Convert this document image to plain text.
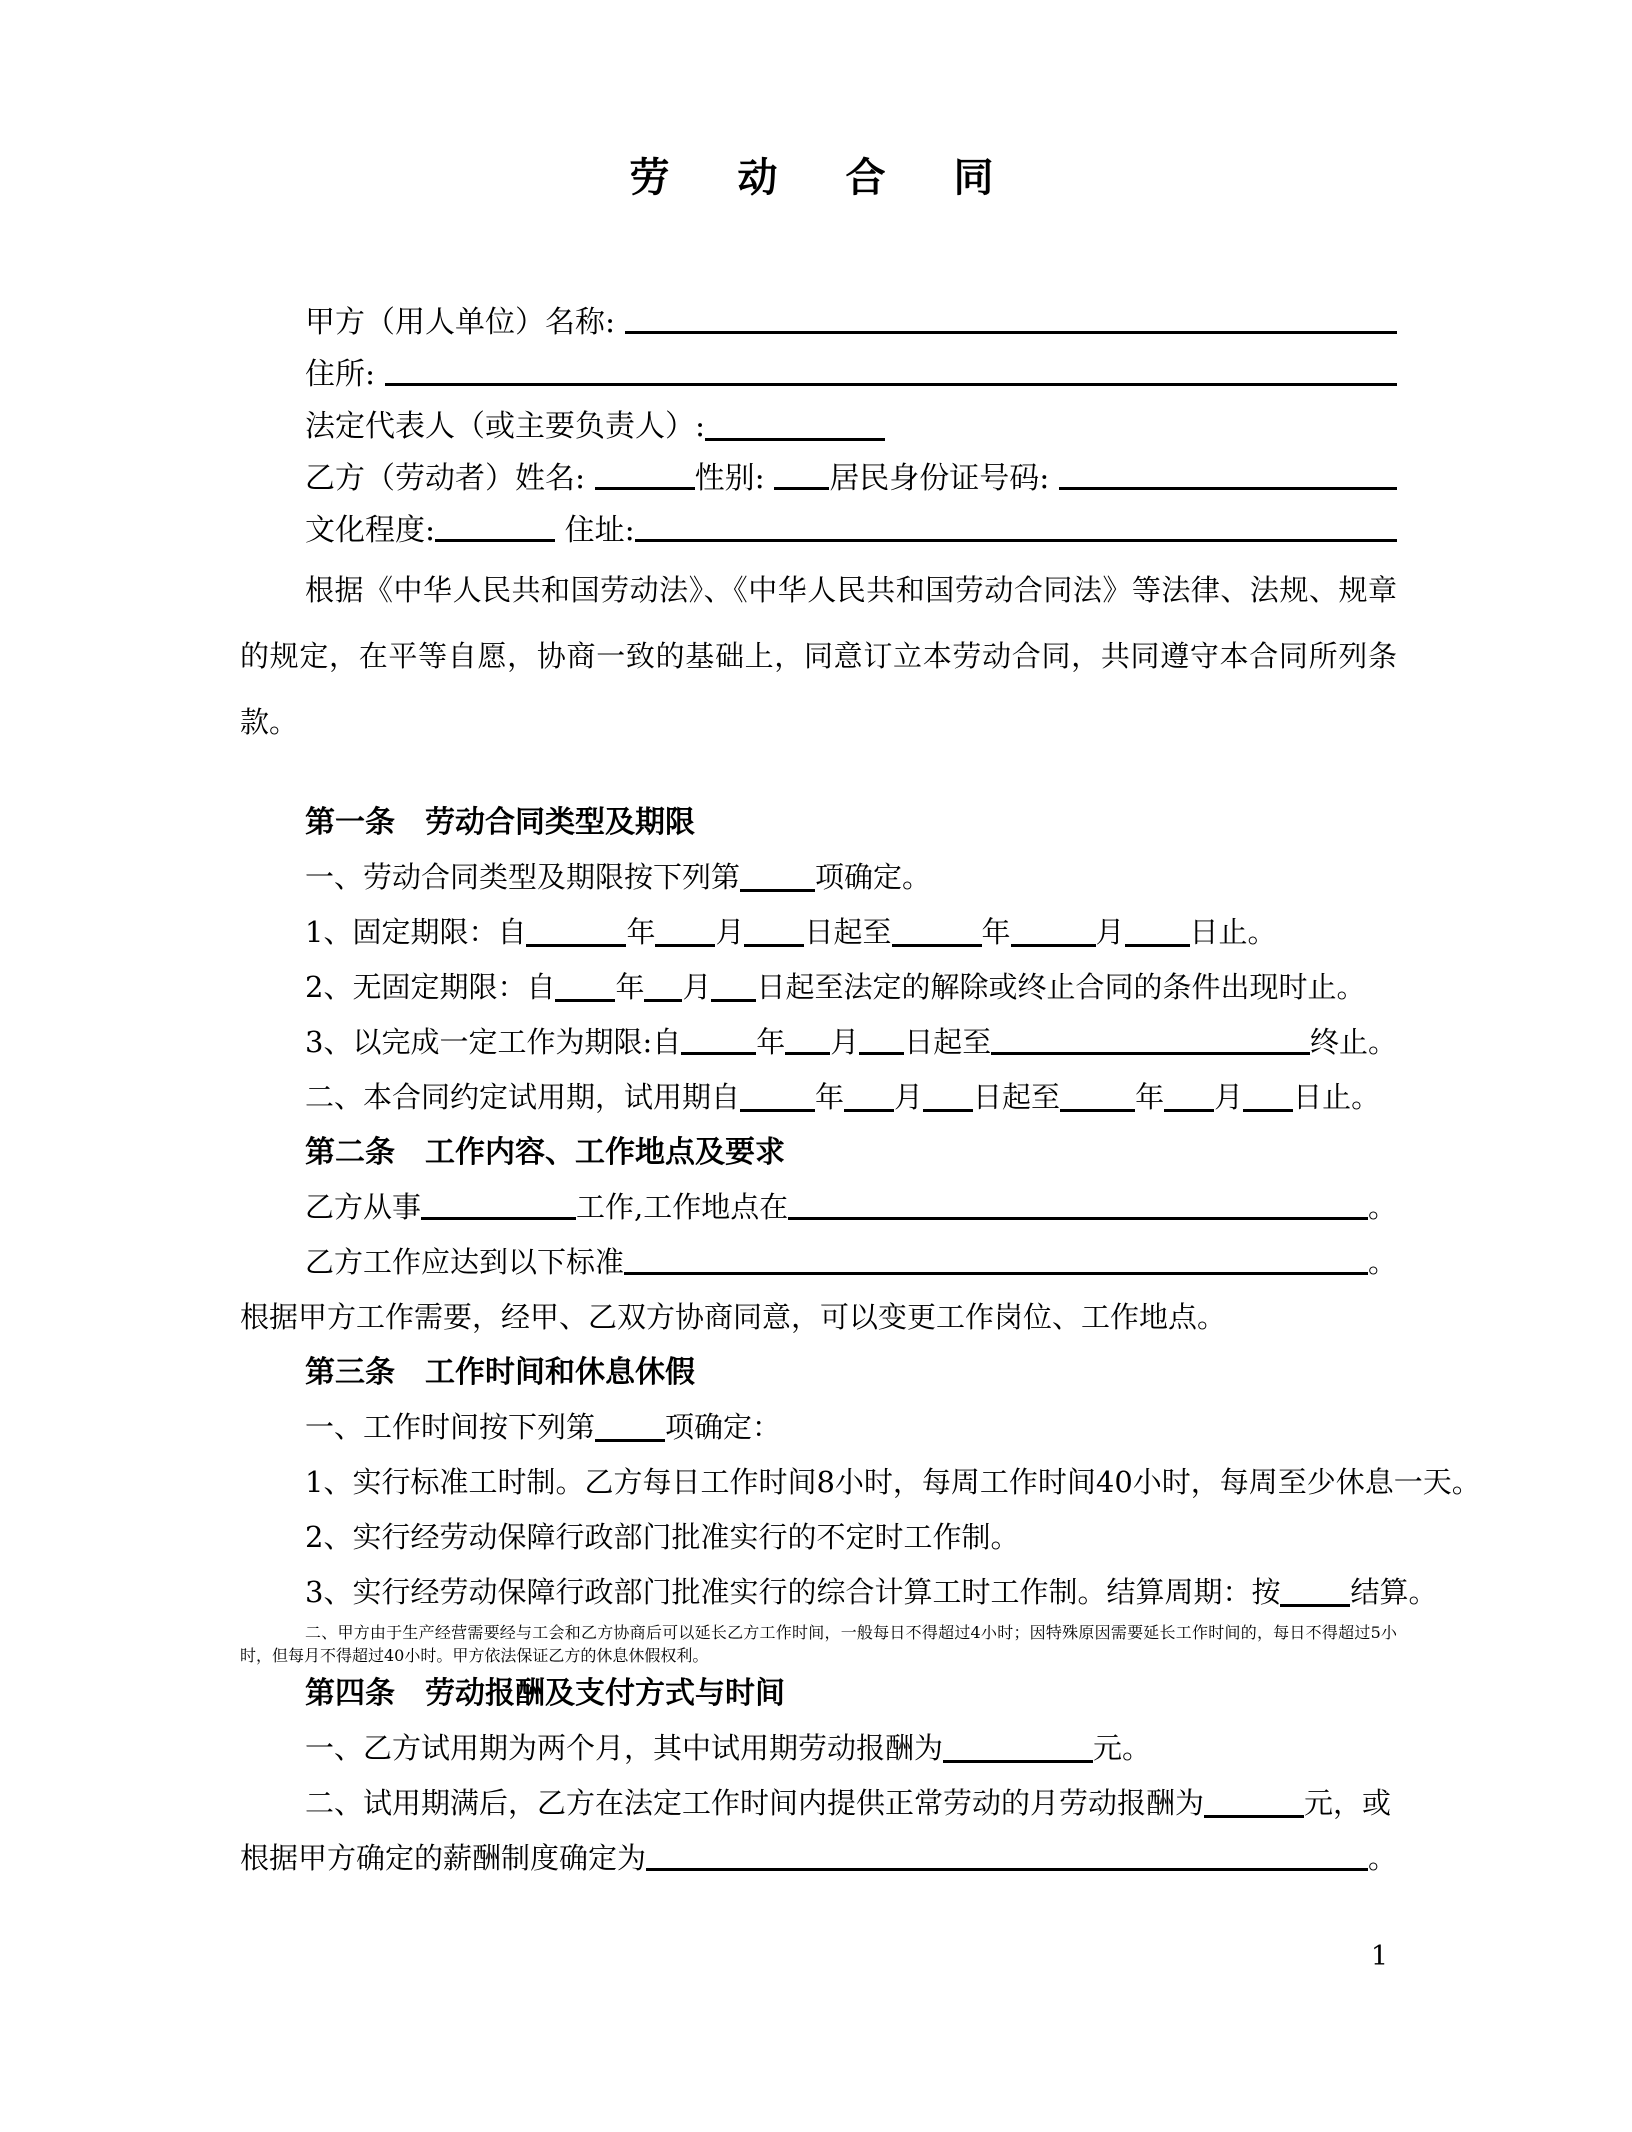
劳　动　合　同

甲方（用人单位）名称:

住所:

法定代表人（或主要负责人）:

乙方（劳动者）姓名:	性别: 居民身份证号码:

文化程度:	住址:

根据《中华人民共和国劳动法》、《中华人民共和国劳动合同法》等法律、法规、规章的规定，在平等自愿，协商一致的基础上，同意订立本劳动合同，共同遵守本合同所列条款。

第一条　劳动合同类型及期限

一、劳动合同类型及期限按下列第	项确定。

1、固定期限：自	年 月 日起至	年	月 日止。

2、无固定期限：自 年 月 日起至法定的解除或终止合同的条件出现时止。

3、以完成一定工作为期限:自	年 月 日起至	终止。

二、本合同约定试用期，试用期自	年 月 日起至	年 月 日止。

第二条　工作内容、工作地点及要求

乙方从事	工作,工作地点在	。

乙方工作应达到以下标准	。

根据甲方工作需要，经甲、乙双方协商同意，可以变更工作岗位、工作地点。

第三条　工作时间和休息休假

一、工作时间按下列第 项确定：

1、实行标准工时制。乙方每日工作时间8小时，每周工作时间40小时，每周至少休息一天。

2、实行经劳动保障行政部门批准实行的不定时工作制。

3、实行经劳动保障行政部门批准实行的综合计算工时工作制。结算周期：按 结算。

二、甲方由于生产经营需要经与工会和乙方协商后可以延长乙方工作时间，一般每日不得超过4小时；因特殊原因需要延长工作时间的，每日不得超过5小时，但每月不得超过40小时。甲方依法保证乙方的休息休假权利。

第四条　劳动报酬及支付方式与时间

一、乙方试用期为两个月，其中试用期劳动报酬为	元。

二、试用期满后，乙方在法定工作时间内提供正常劳动的月劳动报酬为	元，或

根据甲方确定的薪酬制度确定为	。

1
